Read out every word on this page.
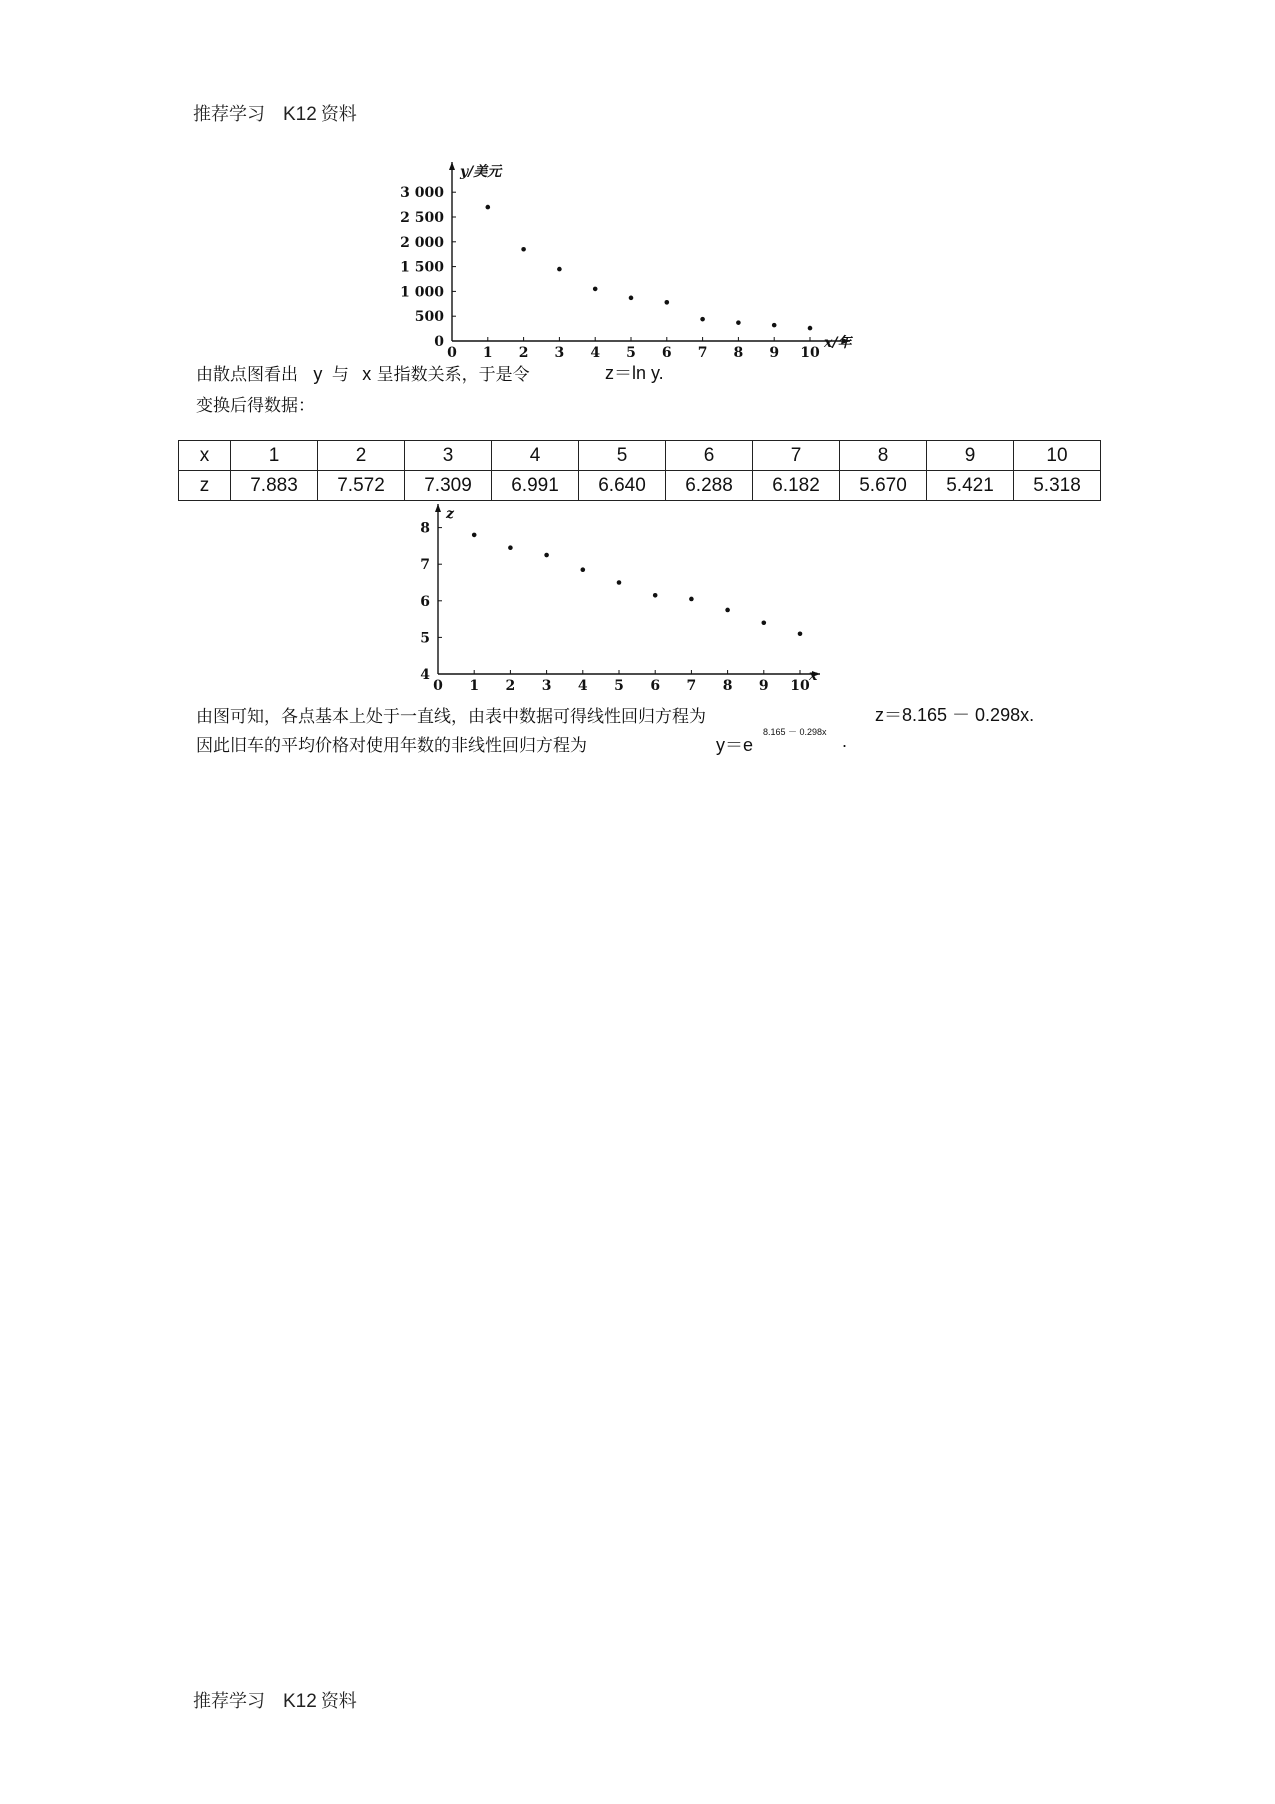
推荐学习 K12 资料
0 1 2 3 4 5 6 7 8 9 10
0
500
1 000
1 500
2 000
2 500
3 000
x/年
y/美元
由散点图看出 y 与 x 呈指数关系，于是令	z＝ln y.
变换后得数据：
x	1	2	3	4	5	6	7	8	9	10
z	7.883	7.572	7.309	6.991	6.640	6.288	6.182	5.670	5.421	5.318
0 1 2 3 4 5 6 7 8 9 10
4
5
6
7
8
x
z
由图可知，各点基本上处于一直线，由表中数据可得线性回归方程为	z＝8.165 － 0.298x.
因此旧车的平均价格对使用年数的非线性回归方程为	y＝e
8.165 － 0.298x .
推荐学习 K12 资料
